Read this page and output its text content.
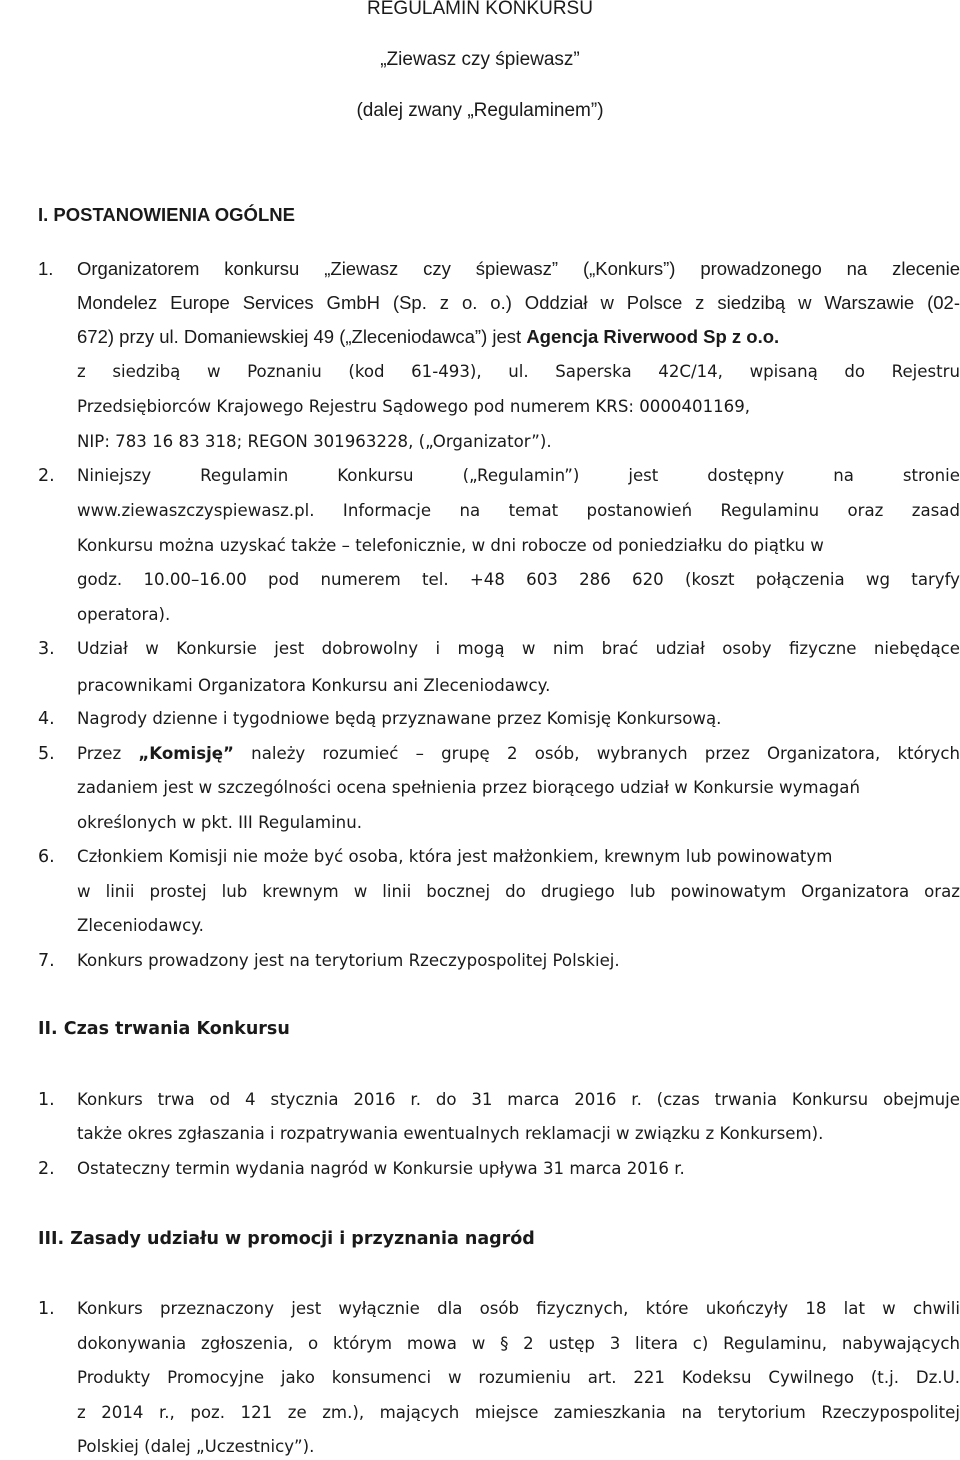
REGULAMIN KONKURSU
„Ziewasz czy śpiewasz”
(dalej zwany „Regulaminem”)
I. POSTANOWIENIA OGÓLNE
1.	Organizatorem konkursu „Ziewasz czy śpiewasz” („Konkurs”) prowadzonego na zlecenie
Mondelez Europe Services GmbH (Sp. z o. o.) Oddział w Polsce z siedzibą w Warszawie (02-
672) przy ul. Domaniewskiej 49 („Zleceniodawca”) jest Agencja Riverwood Sp z o.o.
z siedzibą w Poznaniu (kod 61-493), ul. Saperska 42C/14, wpisaną do Rejestru
Przedsiębiorców Krajowego Rejestru Sądowego pod numerem KRS: 0000401169,
NIP: 783 16 83 318; REGON 301963228, („Organizator”).
2.	Niniejszy Regulamin Konkursu („Regulamin”) jest dostępny na stronie
www.ziewaszczyspiewasz.pl. Informacje na temat postanowień Regulaminu oraz zasad
Konkursu można uzyskać także – telefonicznie, w dni robocze od poniedziałku do piątku w
godz. 10.00–16.00 pod numerem tel. +48 603 286 620 (koszt połączenia wg taryfy
operatora).
3.	Udział w Konkursie jest dobrowolny i mogą w nim brać udział osoby fizyczne niebędące
pracownikami Organizatora Konkursu ani Zleceniodawcy.
4.	Nagrody dzienne i tygodniowe będą przyznawane przez Komisję Konkursową.
5.	Przez „Komisję” należy rozumieć – grupę 2 osób, wybranych przez Organizatora, których
zadaniem jest w szczególności ocena spełnienia przez biorącego udział w Konkursie wymagań
określonych w pkt. III Regulaminu.
6.	Członkiem Komisji nie może być osoba, która jest małżonkiem, krewnym lub powinowatym
w linii prostej lub krewnym w linii bocznej do drugiego lub powinowatym Organizatora oraz
Zleceniodawcy.
7.	Konkurs prowadzony jest na terytorium Rzeczypospolitej Polskiej.
II. Czas trwania Konkursu
1.	Konkurs trwa od 4 stycznia 2016 r. do 31 marca 2016 r. (czas trwania Konkursu obejmuje
także okres zgłaszania i rozpatrywania ewentualnych reklamacji w związku z Konkursem).
2.	Ostateczny termin wydania nagród w Konkursie upływa 31 marca 2016 r.
III. Zasady udziału w promocji i przyznania nagród
1.	Konkurs przeznaczony jest wyłącznie dla osób fizycznych, które ukończyły 18 lat w chwili
dokonywania zgłoszenia, o którym mowa w § 2 ustęp 3 litera c) Regulaminu, nabywających
Produkty Promocyjne jako konsumenci w rozumieniu art. 221 Kodeksu Cywilnego (t.j. Dz.U.
z 2014 r., poz. 121 ze zm.), mających miejsce zamieszkania na terytorium Rzeczypospolitej
Polskiej (dalej „Uczestnicy”).
